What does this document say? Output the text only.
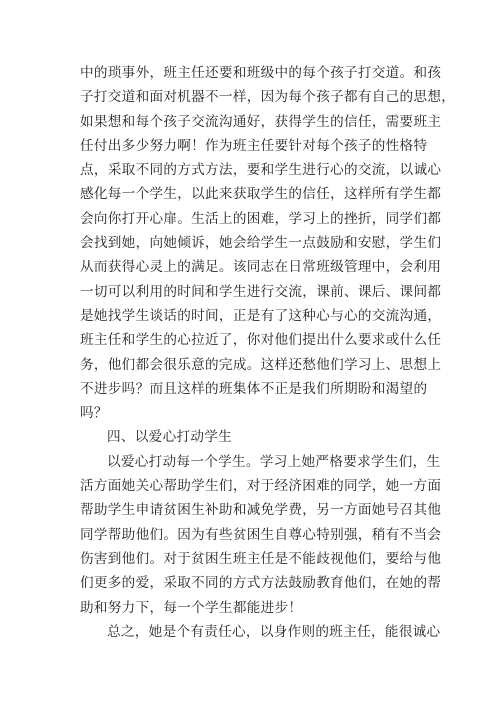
中的琐事外，班主任还要和班级中的每个孩子打交道。和孩
子打交道和面对机器不一样，因为每个孩子都有自己的思想，
如果想和每个孩子交流沟通好，获得学生的信任，需要班主
任付出多少努力啊！作为班主任要针对每个孩子的性格特
点，采取不同的方式方法，要和学生进行心的交流，以诚心
感化每一个学生，以此来获取学生的信任，这样所有学生都
会向你打开心扉。生活上的困难，学习上的挫折，同学们都
会找到她，向她倾诉，她会给学生一点鼓励和安慰，学生们
从而获得心灵上的满足。该同志在日常班级管理中，会利用
一切可以利用的时间和学生进行交流，课前、课后、课间都
是她找学生谈话的时间，正是有了这种心与心的交流沟通，
班主任和学生的心拉近了，你对他们提出什么要求或什么任
务，他们都会很乐意的完成。这样还愁他们学习上、思想上
不进步吗？而且这样的班集体不正是我们所期盼和渴望的
吗？
四、以爱心打动学生
以爱心打动每一个学生。学习上她严格要求学生们，生
活方面她关心帮助学生们，对于经济困难的同学，她一方面
帮助学生申请贫困生补助和减免学费，另一方面她号召其他
同学帮助他们。因为有些贫困生自尊心特别强，稍有不当会
伤害到他们。对于贫困生班主任是不能歧视他们，要给与他
们更多的爱，采取不同的方式方法鼓励教育他们，在她的帮
助和努力下，每一个学生都能进步！
总之，她是个有责任心，以身作则的班主任，能很诚心
